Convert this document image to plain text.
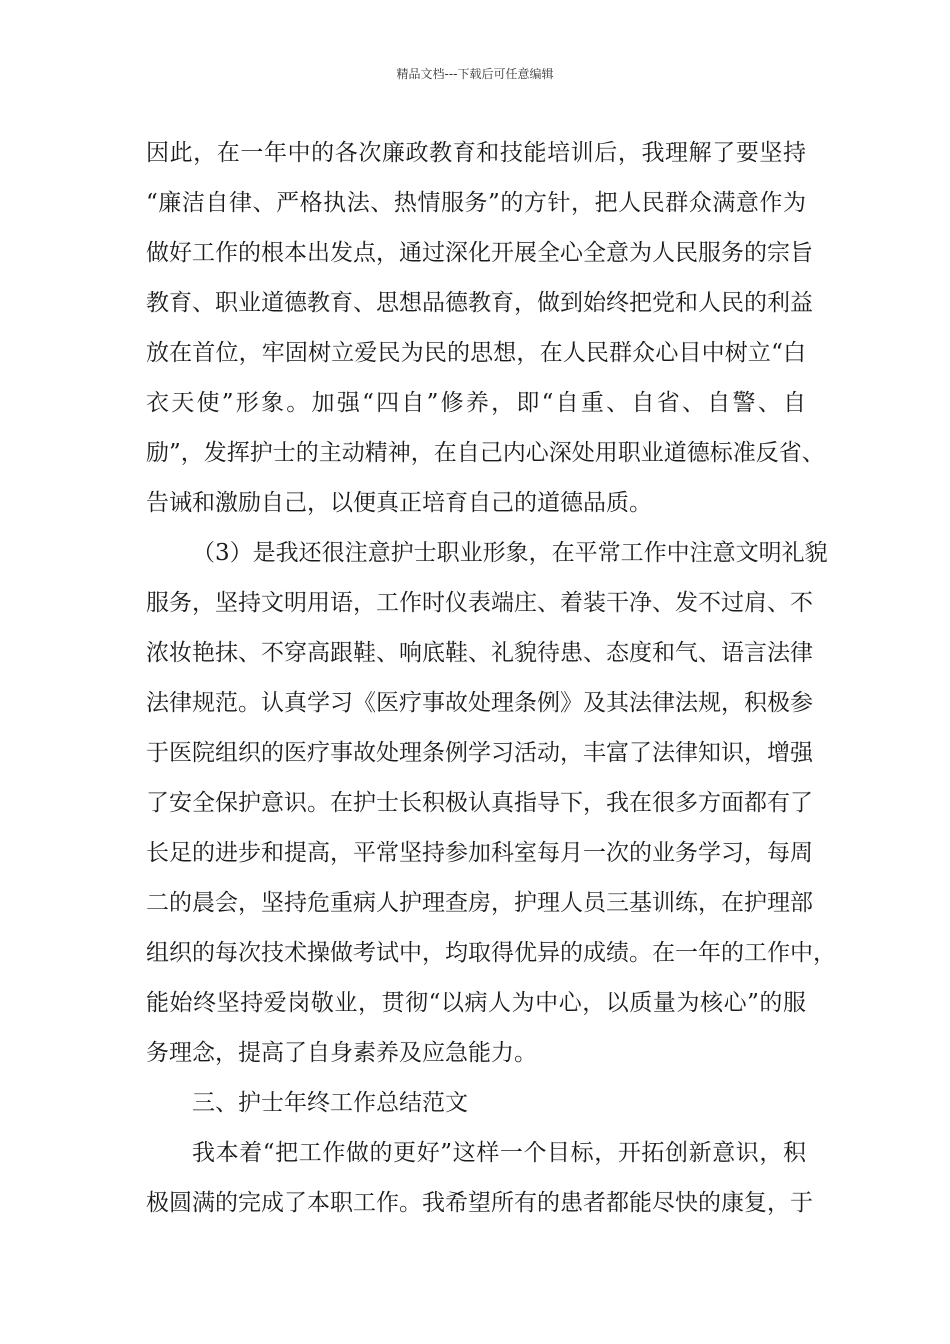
精品文档---下载后可任意编辑
因此，在一年中的各次廉政教育和技能培训后，我理解了要坚持
“廉洁自律、严格执法、热情服务”的方针，把人民群众满意作为
做好工作的根本出发点，通过深化开展全心全意为人民服务的宗旨
教育、职业道德教育、思想品德教育，做到始终把党和人民的利益
放在首位，牢固树立爱民为民的思想，在人民群众心目中树立“白
衣天使”形象。加强“四自”修养，即“自重、自省、自警、自
励”，发挥护士的主动精神，在自己内心深处用职业道德标准反省、
告诫和激励自己，以便真正培育自己的道德品质。
（3）是我还很注意护士职业形象，在平常工作中注意文明礼貌
服务，坚持文明用语，工作时仪表端庄、着装干净、发不过肩、不
浓妆艳抹、不穿高跟鞋、响底鞋、礼貌待患、态度和气、语言法律
法律规范。认真学习《医疗事故处理条例》及其法律法规，积极参
于医院组织的医疗事故处理条例学习活动，丰富了法律知识，增强
了安全保护意识。在护士长积极认真指导下，我在很多方面都有了
长足的进步和提高，平常坚持参加科室每月一次的业务学习，每周
二的晨会，坚持危重病人护理查房，护理人员三基训练，在护理部
组织的每次技术操做考试中，均取得优异的成绩。在一年的工作中，
能始终坚持爱岗敬业，贯彻“以病人为中心，以质量为核心”的服
务理念，提高了自身素养及应急能力。
三、护士年终工作总结范文
我本着“把工作做的更好”这样一个目标，开拓创新意识，积
极圆满的完成了本职工作。我希望所有的患者都能尽快的康复，于
